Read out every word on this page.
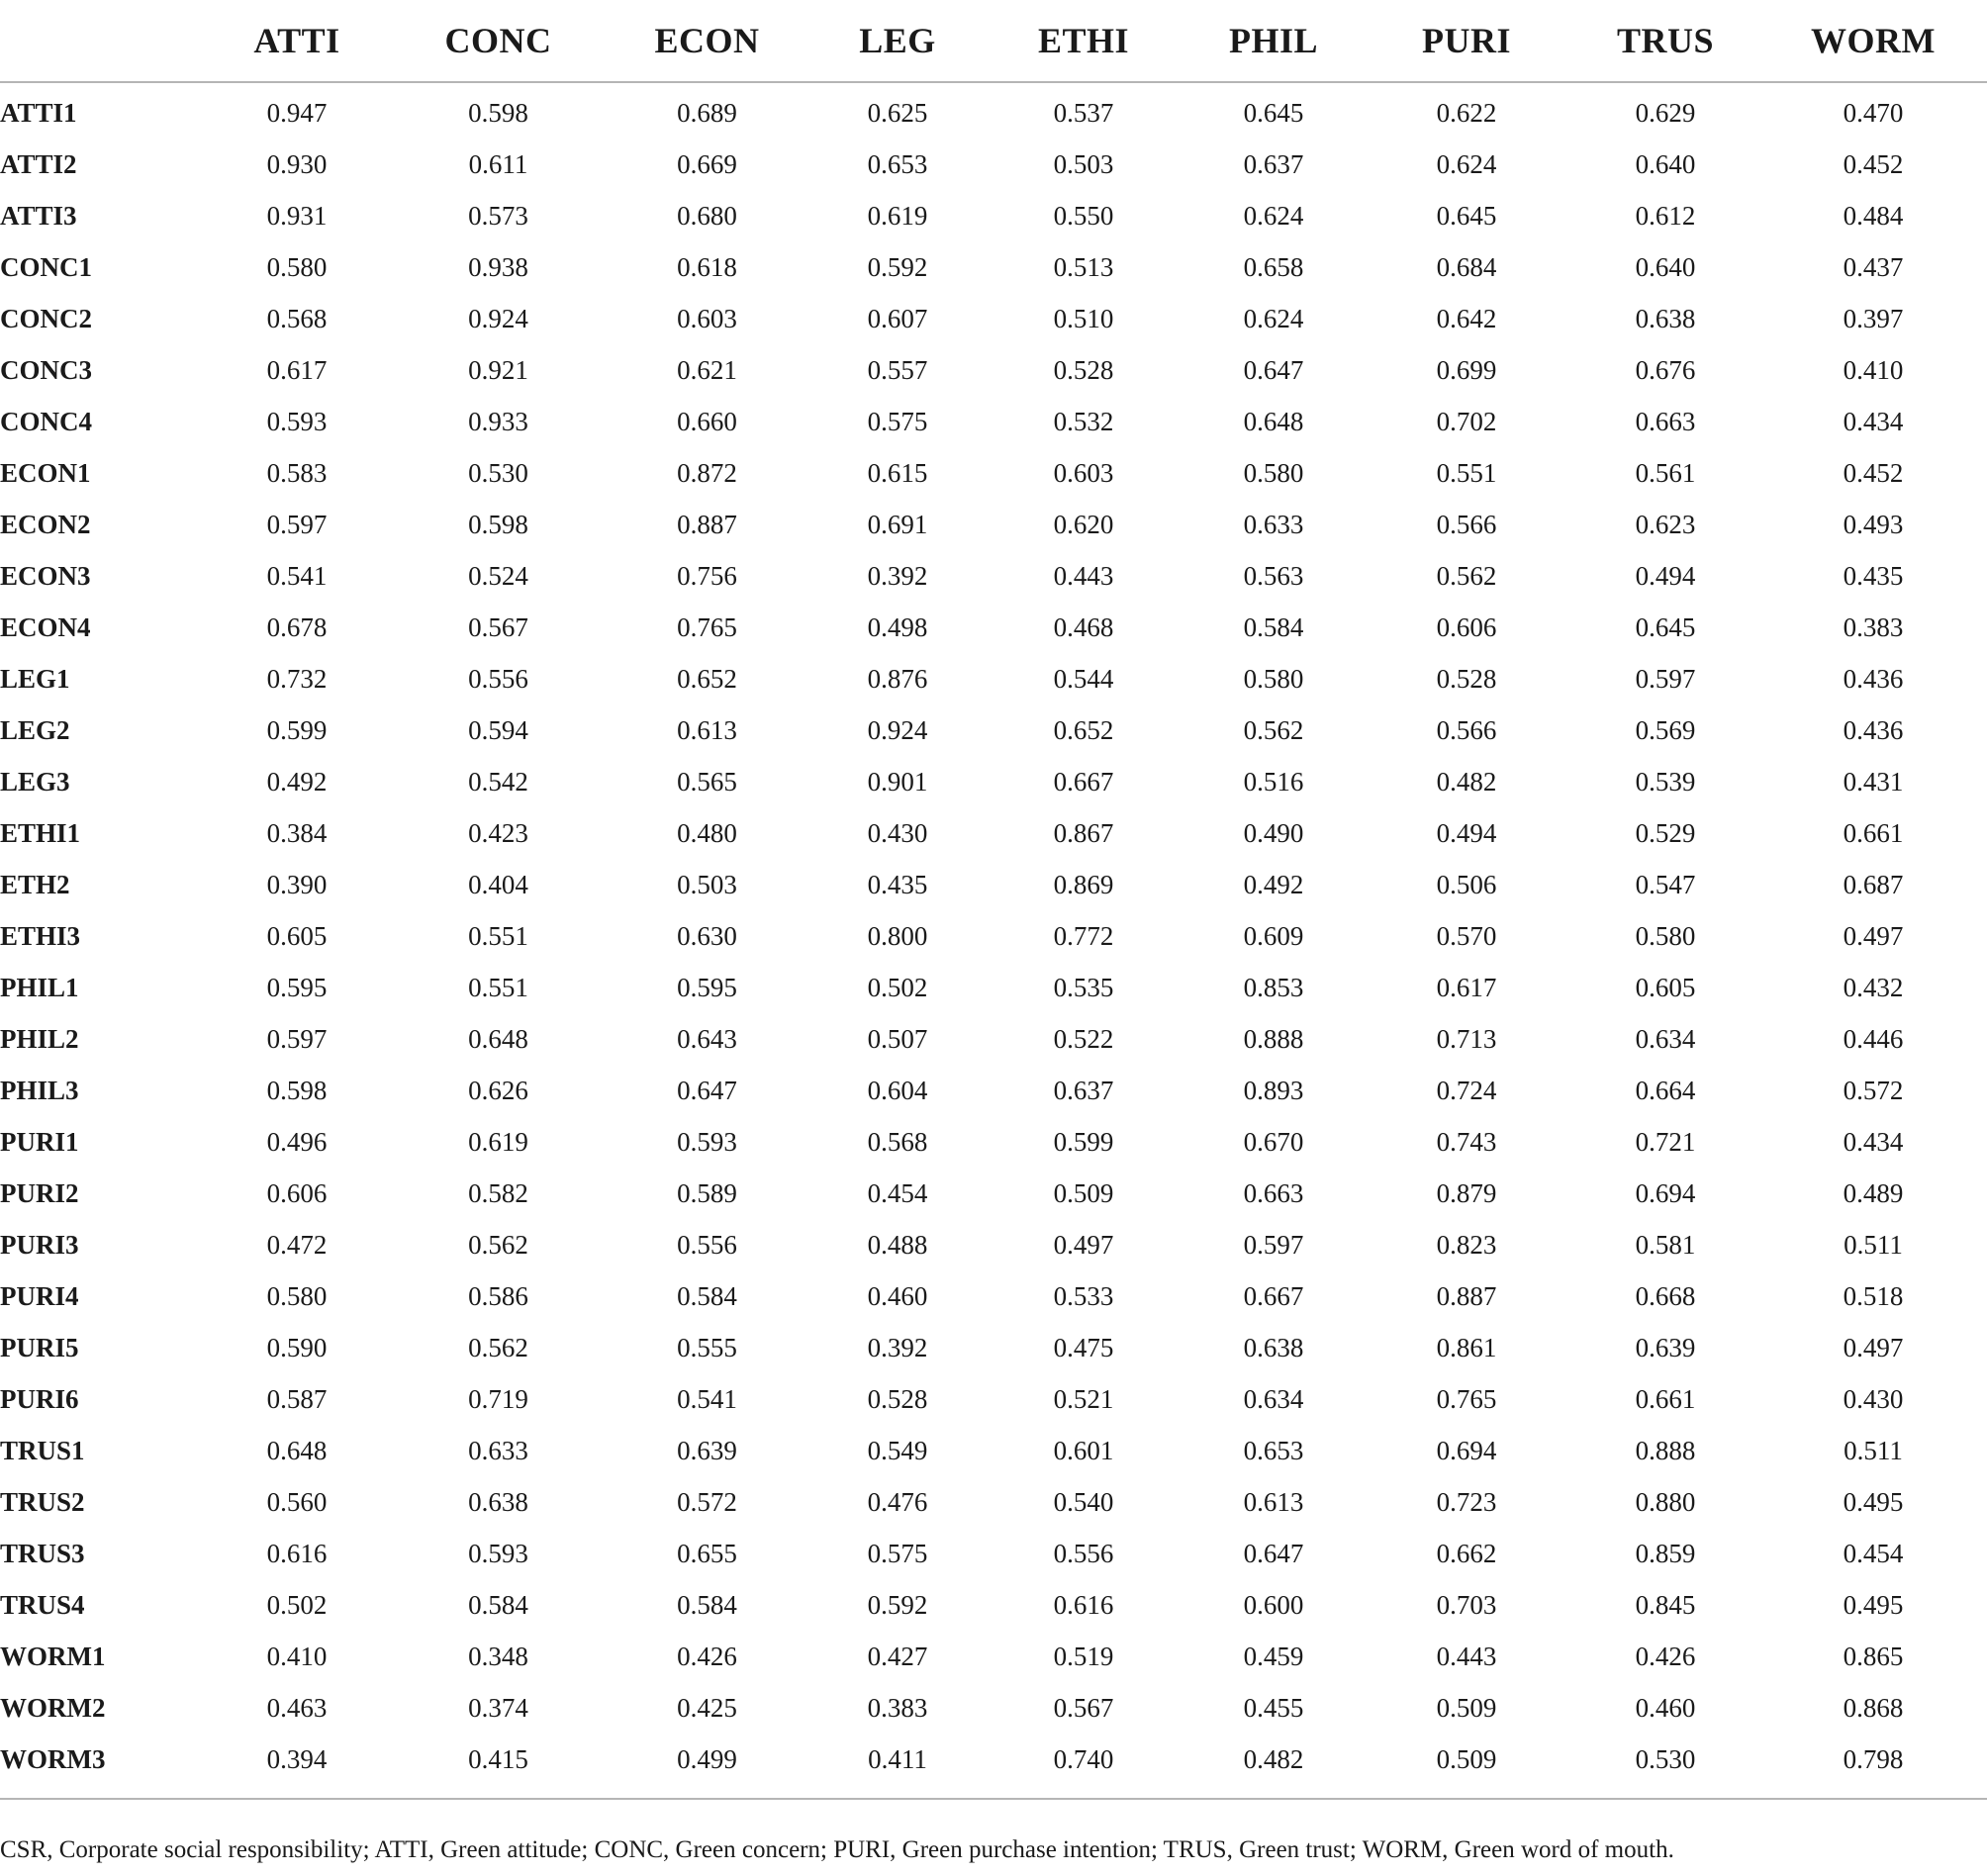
	ATTI	CONC	ECON	LEG	ETHI	PHIL	PURI	TRUS	WORM
ATTI1	0.947	0.598	0.689	0.625	0.537	0.645	0.622	0.629	0.470
ATTI2	0.930	0.611	0.669	0.653	0.503	0.637	0.624	0.640	0.452
ATTI3	0.931	0.573	0.680	0.619	0.550	0.624	0.645	0.612	0.484
CONC1	0.580	0.938	0.618	0.592	0.513	0.658	0.684	0.640	0.437
CONC2	0.568	0.924	0.603	0.607	0.510	0.624	0.642	0.638	0.397
CONC3	0.617	0.921	0.621	0.557	0.528	0.647	0.699	0.676	0.410
CONC4	0.593	0.933	0.660	0.575	0.532	0.648	0.702	0.663	0.434
ECON1	0.583	0.530	0.872	0.615	0.603	0.580	0.551	0.561	0.452
ECON2	0.597	0.598	0.887	0.691	0.620	0.633	0.566	0.623	0.493
ECON3	0.541	0.524	0.756	0.392	0.443	0.563	0.562	0.494	0.435
ECON4	0.678	0.567	0.765	0.498	0.468	0.584	0.606	0.645	0.383
LEG1	0.732	0.556	0.652	0.876	0.544	0.580	0.528	0.597	0.436
LEG2	0.599	0.594	0.613	0.924	0.652	0.562	0.566	0.569	0.436
LEG3	0.492	0.542	0.565	0.901	0.667	0.516	0.482	0.539	0.431
ETHI1	0.384	0.423	0.480	0.430	0.867	0.490	0.494	0.529	0.661
ETH2	0.390	0.404	0.503	0.435	0.869	0.492	0.506	0.547	0.687
ETHI3	0.605	0.551	0.630	0.800	0.772	0.609	0.570	0.580	0.497
PHIL1	0.595	0.551	0.595	0.502	0.535	0.853	0.617	0.605	0.432
PHIL2	0.597	0.648	0.643	0.507	0.522	0.888	0.713	0.634	0.446
PHIL3	0.598	0.626	0.647	0.604	0.637	0.893	0.724	0.664	0.572
PURI1	0.496	0.619	0.593	0.568	0.599	0.670	0.743	0.721	0.434
PURI2	0.606	0.582	0.589	0.454	0.509	0.663	0.879	0.694	0.489
PURI3	0.472	0.562	0.556	0.488	0.497	0.597	0.823	0.581	0.511
PURI4	0.580	0.586	0.584	0.460	0.533	0.667	0.887	0.668	0.518
PURI5	0.590	0.562	0.555	0.392	0.475	0.638	0.861	0.639	0.497
PURI6	0.587	0.719	0.541	0.528	0.521	0.634	0.765	0.661	0.430
TRUS1	0.648	0.633	0.639	0.549	0.601	0.653	0.694	0.888	0.511
TRUS2	0.560	0.638	0.572	0.476	0.540	0.613	0.723	0.880	0.495
TRUS3	0.616	0.593	0.655	0.575	0.556	0.647	0.662	0.859	0.454
TRUS4	0.502	0.584	0.584	0.592	0.616	0.600	0.703	0.845	0.495
WORM1	0.410	0.348	0.426	0.427	0.519	0.459	0.443	0.426	0.865
WORM2	0.463	0.374	0.425	0.383	0.567	0.455	0.509	0.460	0.868
WORM3	0.394	0.415	0.499	0.411	0.740	0.482	0.509	0.530	0.798
CSR, Corporate social responsibility; ATTI, Green attitude; CONC, Green concern; PURI, Green purchase intention; TRUS, Green trust; WORM, Green word of mouth.
